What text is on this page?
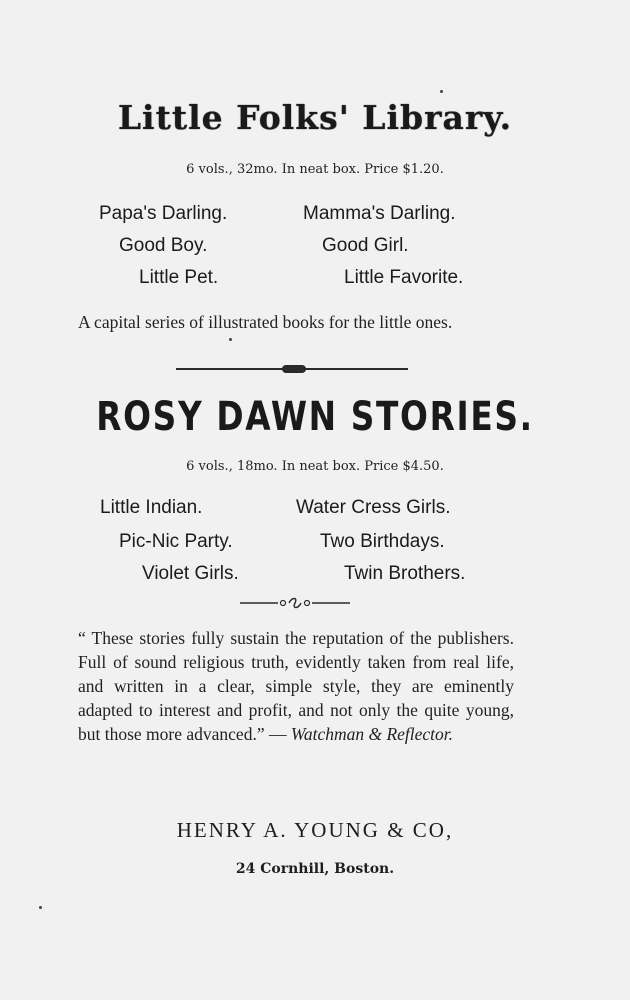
Little Folks' Library.
6 vols., 32mo. In neat box. Price $1.20.
Papa's Darling.	Mamma's Darling.
Good Boy.	Good Girl.
Little Pet.	Little Favorite.
A capital series of illustrated books for the little ones.
ROSY DAWN STORIES.
6 vols., 18mo. In neat box. Price $4.50.
Little Indian.	Water Cress Girls.
Pic-Nic Party.	Two Birthdays.
Violet Girls.	Twin Brothers.
“ These stories fully sustain the reputation of the publishers. Full of sound religious truth, evidently taken from real life, and written in a clear, simple style, they are eminently adapted to interest and profit, and not only the quite young, but those more advanced.” — Watchman & Reflector.
HENRY A. YOUNG & CO,
24 Cornhill, Boston.
